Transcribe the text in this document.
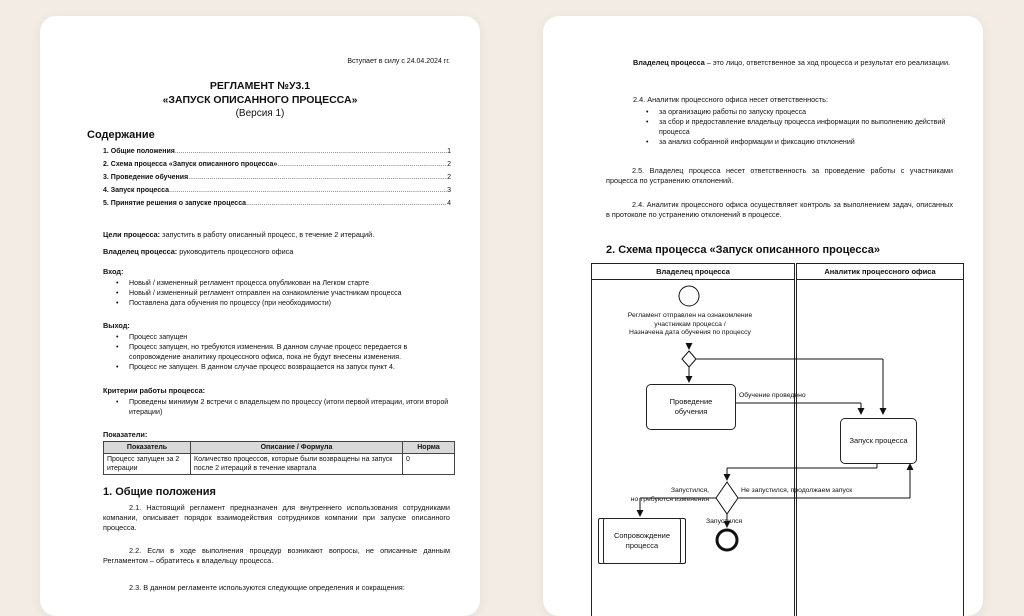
Вступает в силу с 24.04.2024 гг.
РЕГЛАМЕНТ №У3.1
«ЗАПУСК ОПИСАННОГО ПРОЦЕССА»
(Версия 1)
Содержание
1. Общие положения .....	1
2. Схема процесса «Запуск описанного процесса» .....	2
3. Проведение обучения .....	2
4. Запуск процесса .....	3
5. Принятие решения о запуске процесса .....	4
Цели процесса: запустить в работу описанный процесс, в течение 2 итераций.
Владелец процесса: руководитель процессного офиса
Вход:
• Новый / измененный регламент процесса опубликован на Легком старте
• Новый / измененный регламент отправлен на ознакомление участникам процесса
• Поставлена дата обучения по процессу (при необходимости)
Выход:
• Процесс запущен
• Процесс запущен, но требуются изменения. В данном случае процесс передается в сопровождение аналитику процессного офиса, пока не будут внесены изменения.
• Процесс не запущен. В данном случае процесс возвращается на запуск пункт 4.
Критерии работы процесса:
• Проведены минимум 2 встречи с владельцем по процессу (итоги первой итерации, итоги второй итерации)
Показатели:
Показатель	Описание / Формула	Норма
Процесс запущен за 2 итерации	Количество процессов, которые были возвращены на запуск после 2 итераций в течение квартала	0
1. Общие положения
2.1. Настоящий регламент предназначен для внутреннего использования сотрудниками компании, описывает порядок взаимодействия сотрудников компании при запуске описанного процесса.
2.2. Если в ходе выполнения процедур возникают вопросы, не описанные данным Регламентом – обратитесь к владельцу процесса.
2.3. В данном регламенте используются следующие определения и сокращения:
Владелец процесса – это лицо, ответственное за ход процесса и результат его реализации.
2.4. Аналитик процессного офиса несет ответственность:
• за организацию работы по запуску процесса
• за сбор и предоставление владельцу процесса информации по выполнению действий процесса
• за анализ собранной информации и фиксацию отклонений
2.5. Владелец процесса несет ответственность за проведение работы с участниками процесса по устранению отклонений.
2.4. Аналитик процессного офиса осуществляет контроль за выполнением задач, описанных в протоколе по устранению отклонений в процессе.
2. Схема процесса «Запуск описанного процесса»
Владелец процесса	Аналитик процессного офиса
Регламент отправлен на ознакомление
участникам процесса /
Назначена дата обучения по процессу
Проведение
обучения
Обучение проведено
Запуск процесса
Запустился,
но требуются изменения
Не запустился, продолжаем запуск
Запустился
Сопровождение
процесса
